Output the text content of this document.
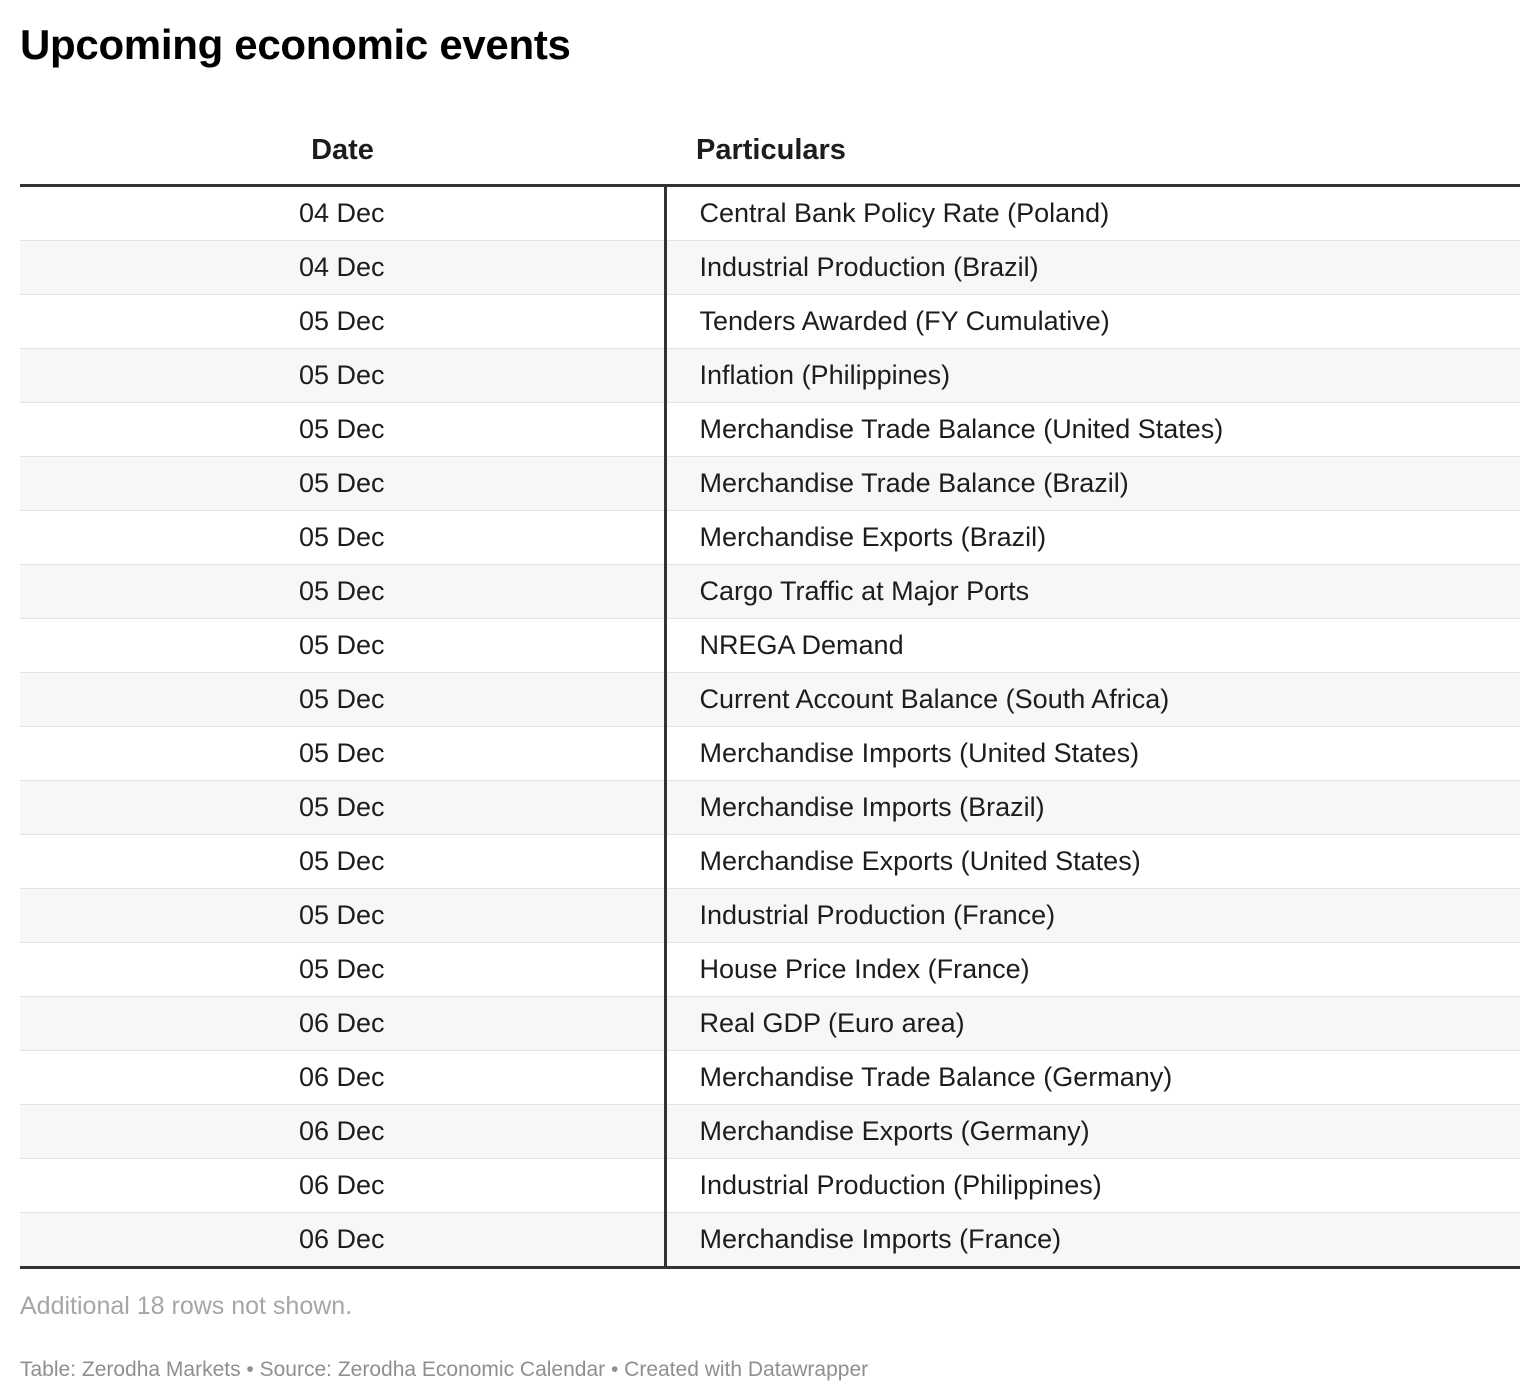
Upcoming economic events
Date	Particulars
04 Dec	Central Bank Policy Rate (Poland)
04 Dec	Industrial Production (Brazil)
05 Dec	Tenders Awarded (FY Cumulative)
05 Dec	Inflation (Philippines)
05 Dec	Merchandise Trade Balance (United States)
05 Dec	Merchandise Trade Balance (Brazil)
05 Dec	Merchandise Exports (Brazil)
05 Dec	Cargo Traffic at Major Ports
05 Dec	NREGA Demand
05 Dec	Current Account Balance (South Africa)
05 Dec	Merchandise Imports (United States)
05 Dec	Merchandise Imports (Brazil)
05 Dec	Merchandise Exports (United States)
05 Dec	Industrial Production (France)
05 Dec	House Price Index (France)
06 Dec	Real GDP (Euro area)
06 Dec	Merchandise Trade Balance (Germany)
06 Dec	Merchandise Exports (Germany)
06 Dec	Industrial Production (Philippines)
06 Dec	Merchandise Imports (France)
Additional 18 rows not shown.
Table: Zerodha Markets • Source: Zerodha Economic Calendar • Created with Datawrapper
